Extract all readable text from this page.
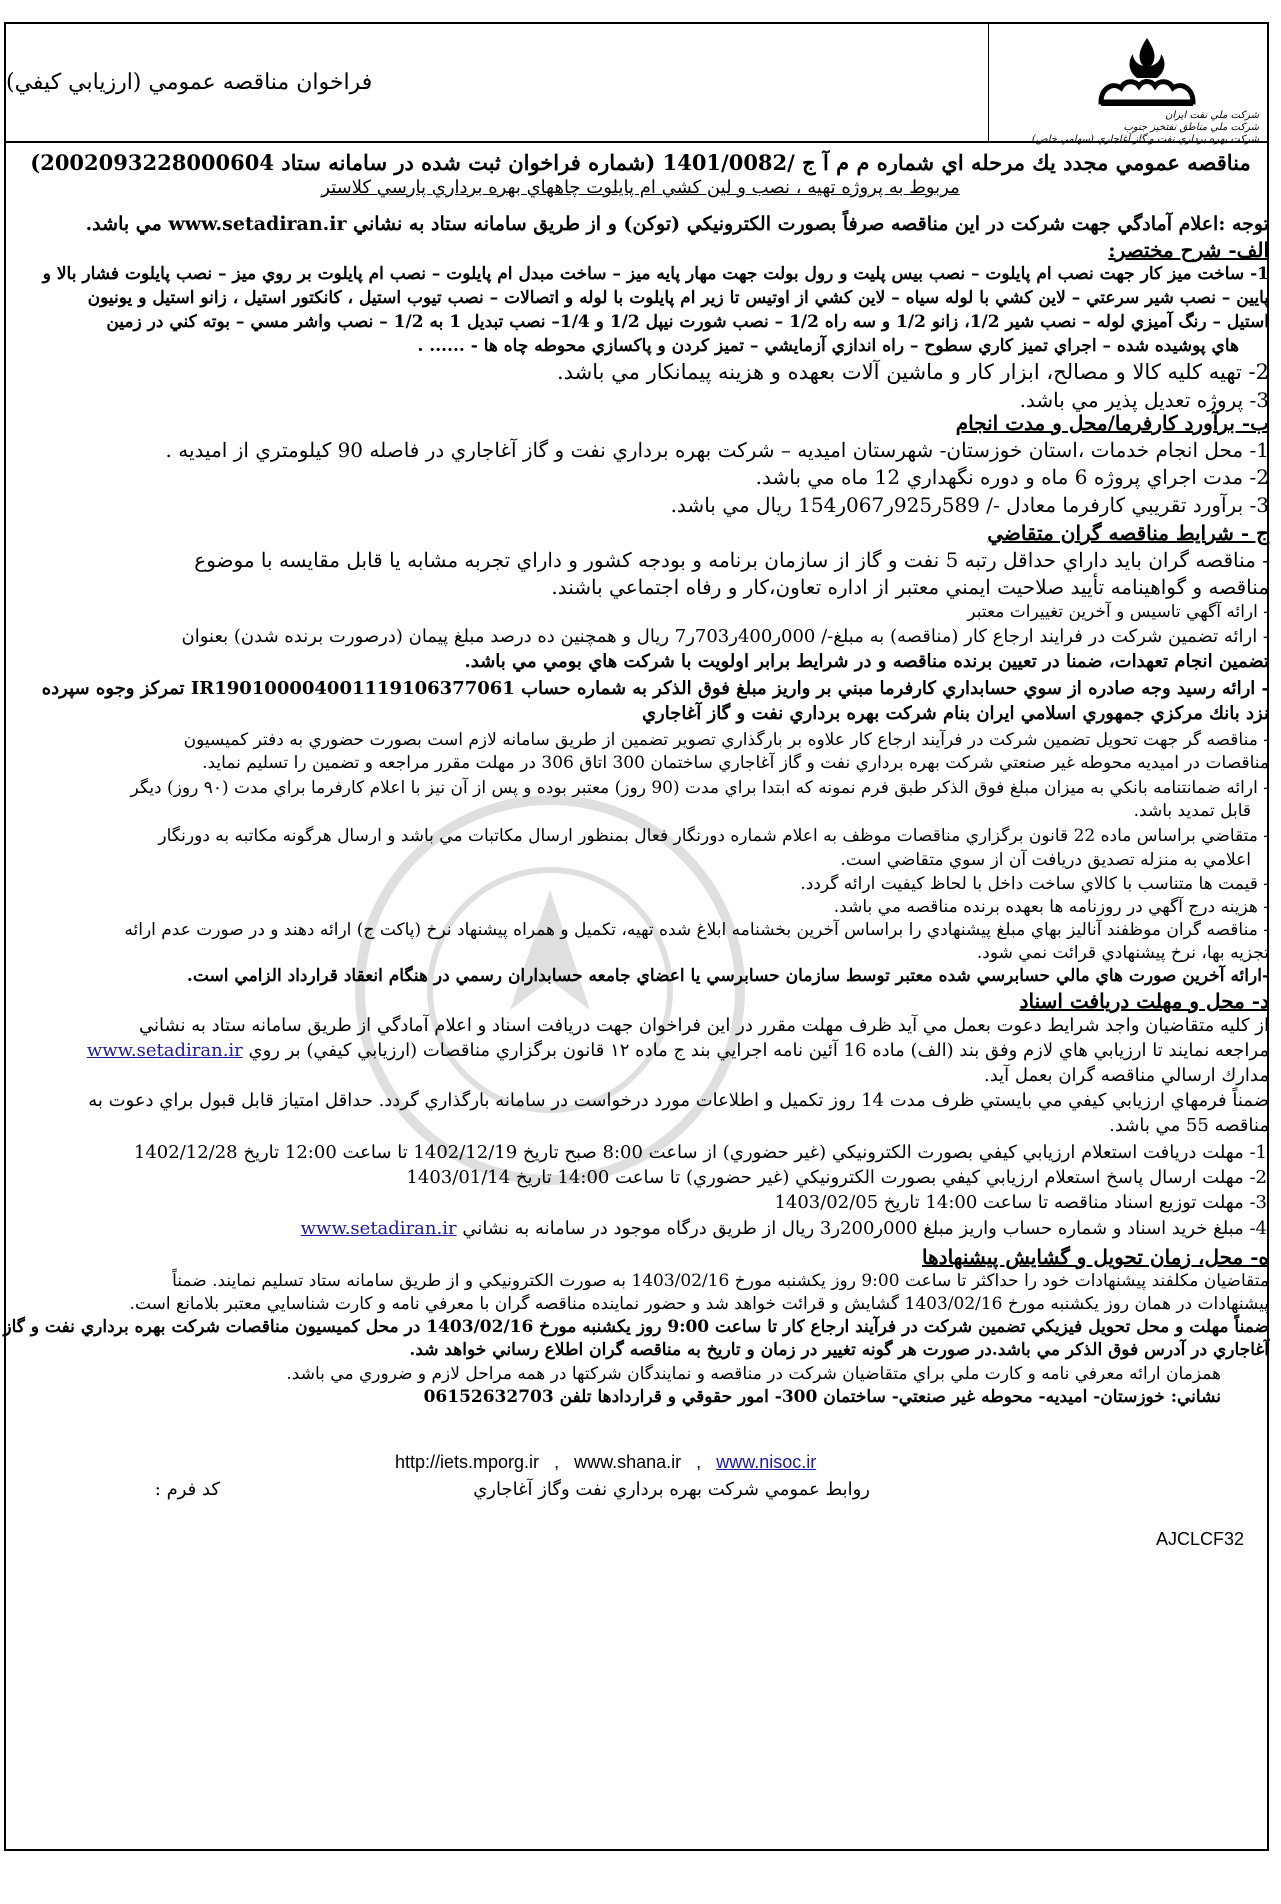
شركت ملي نفت ايران
شركت ملي مناطق نفتخيز جنوب
شركت بهره برداري نفت و گاز آغاجاري (سهامي خاص)
فراخوان مناقصه عمومي (ارزيابي كيفي)
مناقصه عمومي مجدد يك مرحله اي شماره م م آ ج /1401/0082 (شماره فراخوان ثبت شده در سامانه ستاد 2002093228000604)
مربوط به پروژه تهيه ، نصب و لين كشي ام پايلوت چاههاي بهره برداري پارسي كلاستر
توجه :اعلام آمادگي جهت شركت در اين مناقصه صرفاً بصورت الكترونيكي (توكن) و از طريق سامانه ستاد به نشاني www.setadiran.ir مي باشد.
الف- شرح مختصر:
1- ساخت ميز كار جهت نصب ام پايلوت – نصب بيس پليت و رول بولت جهت مهار پايه ميز – ساخت مبدل ام پايلوت – نصب ام پايلوت بر روي ميز – نصب پايلوت فشار بالا و
پايين – نصب شير سرعتي – لاين كشي با لوله سياه – لاين كشي از اوتيس تا زير ام پايلوت با لوله و اتصالات – نصب تيوب استيل ، كانكتور استيل ، زانو استيل و يونيون
استيل – رنگ آميزي لوله – نصب شير 1/2، زانو 1/2 و سه راه 1/2 – نصب شورت نيپل 1/2 و 1/4– نصب تبديل 1 به 1/2 – نصب واشر مسي – بوته كني در زمين
هاي پوشيده شده – اجراي تميز كاري سطوح – راه اندازي آزمايشي – تميز كردن و پاكسازي محوطه چاه ها - ...... .
2- تهيه كليه كالا و مصالح، ابزار كار و ماشين آلات بعهده و هزينه پيمانكار مي باشد.
3- پروژه تعديل پذير مي باشد.
ب- برآورد كارفرما/محل و مدت انجام
1- محل انجام خدمات ،استان خوزستان- شهرستان اميديه – شركت بهره برداري نفت و گاز آغاجاري در فاصله 90 كيلومتري از اميديه .
2- مدت اجراي پروژه 6 ماه و دوره نگهداري 12 ماه مي باشد.
3- برآورد تقريبي كارفرما معادل -/ 589ر925ر067ر154 ريال مي باشد.
ج - شرايط مناقصه گران متقاضي
- مناقصه گران بايد داراي حداقل رتبه 5 نفت و گاز از سازمان برنامه و بودجه كشور و داراي تجربه مشابه يا قابل مقايسه با موضوع
مناقصه و گواهينامه تأييد صلاحيت ايمني معتبر از اداره تعاون،كار و رفاه اجتماعي باشند.
- ارائه آگهي تاسيس و آخرين تغييرات معتبر
- ارائه تضمين شركت در فرايند ارجاع كار (مناقصه) به مبلغ-/ 000ر400ر703ر7 ريال و همچنين ده درصد مبلغ پيمان (درصورت برنده شدن) بعنوان
تضمين انجام تعهدات، ضمنا در تعيين برنده مناقصه و در شرايط برابر اولويت با شركت هاي بومي مي باشد.
- ارائه رسيد وجه صادره از سوي حسابداري كارفرما مبني بر واريز مبلغ فوق الذكر به شماره حساب IR190100004001119106377061 تمركز وجوه سپرده
نزد بانك مركزي جمهوري اسلامي ايران بنام شركت بهره برداري نفت و گاز آغاجاري
- مناقصه گر جهت تحويل تضمين شركت در فرآيند ارجاع كار علاوه بر بارگذاري تصوير تضمين از طريق سامانه لازم است بصورت حضوري به دفتر كميسيون
مناقصات در اميديه محوطه غير صنعتي شركت بهره برداري نفت و گاز آغاجاري ساختمان 300 اتاق 306 در مهلت مقرر مراجعه و تضمين را تسليم نمايد.
- ارائه ضمانتنامه بانكي به ميزان مبلغ فوق الذكر طبق فرم نمونه كه ابتدا براي مدت (90 روز) معتبر بوده و پس از آن نيز با اعلام كارفرما براي مدت (۹۰ روز) ديگر
قابل تمديد باشد.
- متقاضي براساس ماده 22 قانون برگزاري مناقصات موظف به اعلام شماره دورنگار فعال بمنظور ارسال مكاتبات مي باشد و ارسال هرگونه مكاتبه به دورنگار
اعلامي به منزله تصديق دريافت آن از سوي متقاضي است.
- قيمت ها متناسب با كالاي ساخت داخل با لحاظ كيفيت ارائه گردد.
- هزينه درج آگهي در روزنامه ها بعهده برنده مناقصه مي باشد.
- مناقصه گران موظفند آناليز بهاي مبلغ پيشنهادي را براساس آخرين بخشنامه ابلاغ شده تهيه، تكميل و همراه پيشنهاد نرخ (پاكت ج) ارائه دهند و در صورت عدم ارائه
تجزيه بها، نرخ پيشنهادي قرائت نمي شود.
-ارائه آخرين صورت هاي مالي حسابرسي شده معتبر توسط سازمان حسابرسي يا اعضاي جامعه حسابداران رسمي در هنگام انعقاد قرارداد الزامي است.
د- محل و مهلت دريافت اسناد
از كليه متقاضيان واجد شرايط دعوت بعمل مي آيد ظرف مهلت مقرر در اين فراخوان جهت دريافت اسناد و اعلام آمادگي از طريق سامانه ستاد به نشاني
مراجعه نمايند تا ارزيابي هاي لازم وفق بند (الف) ماده 16 آئين نامه اجرايي بند ج ماده ۱۲ قانون برگزاري مناقصات (ارزيابي كيفي) بر روي www.setadiran.ir
مدارك ارسالي مناقصه گران بعمل آيد.
ضمناً فرمهاي ارزيابي كيفي مي بايستي ظرف مدت 14 روز تكميل و اطلاعات مورد درخواست در سامانه بارگذاري گردد. حداقل امتياز قابل قبول براي دعوت به
مناقصه 55 مي باشد.
1- مهلت دريافت استعلام ارزيابي كيفي بصورت الكترونيكي (غير حضوري) از ساعت 8:00 صبح تاريخ 1402/12/19 تا ساعت 12:00 تاريخ 1402/12/28
2- مهلت ارسال پاسخ استعلام ارزيابي كيفي بصورت الكترونيكي (غير حضوري) تا ساعت 14:00 تاريخ 1403/01/14
3- مهلت توزيع اسناد مناقصه تا ساعت 14:00 تاريخ 1403/02/05
4- مبلغ خريد اسناد و شماره حساب واريز مبلغ 000ر200ر3 ريال از طريق درگاه موجود در سامانه به نشاني www.setadiran.ir
ه- محل، زمان تحويل و گشايش پيشنهادها
متقاضيان مكلفند پيشنهادات خود را حداكثر تا ساعت 9:00 روز يكشنبه مورخ 1403/02/16 به صورت الكترونيكي و از طريق سامانه ستاد تسليم نمايند. ضمناً
پيشنهادات در همان روز يكشنبه مورخ 1403/02/16 گشايش و قرائت خواهد شد و حضور نماينده مناقصه گران با معرفي نامه و كارت شناسايي معتبر بلامانع است.
ضمناً مهلت و محل تحويل فيزيكي تضمين شركت در فرآيند ارجاع كار تا ساعت 9:00 روز يكشنبه مورخ 1403/02/16 در محل كميسيون مناقصات شركت بهره برداري نفت و گاز
آغاجاري در آدرس فوق الذكر مي باشد.در صورت هر گونه تغيير در زمان و تاريخ به مناقصه گران اطلاع رساني خواهد شد.
همزمان ارائه معرفي نامه و كارت ملي براي متقاضيان شركت در مناقصه و نمايندگان شركتها در همه مراحل لازم و ضروري مي باشد.
نشاني: خوزستان- اميديه- محوطه غير صنعتي- ساختمان 300- امور حقوقي و قراردادها تلفن 06152632703
http://iets.mporg.ir , www.shana.ir , www.nisoc.ir
روابط عمومي شركت بهره برداري نفت وگاز آغاجاري
كد فرم :
AJCLCF32
